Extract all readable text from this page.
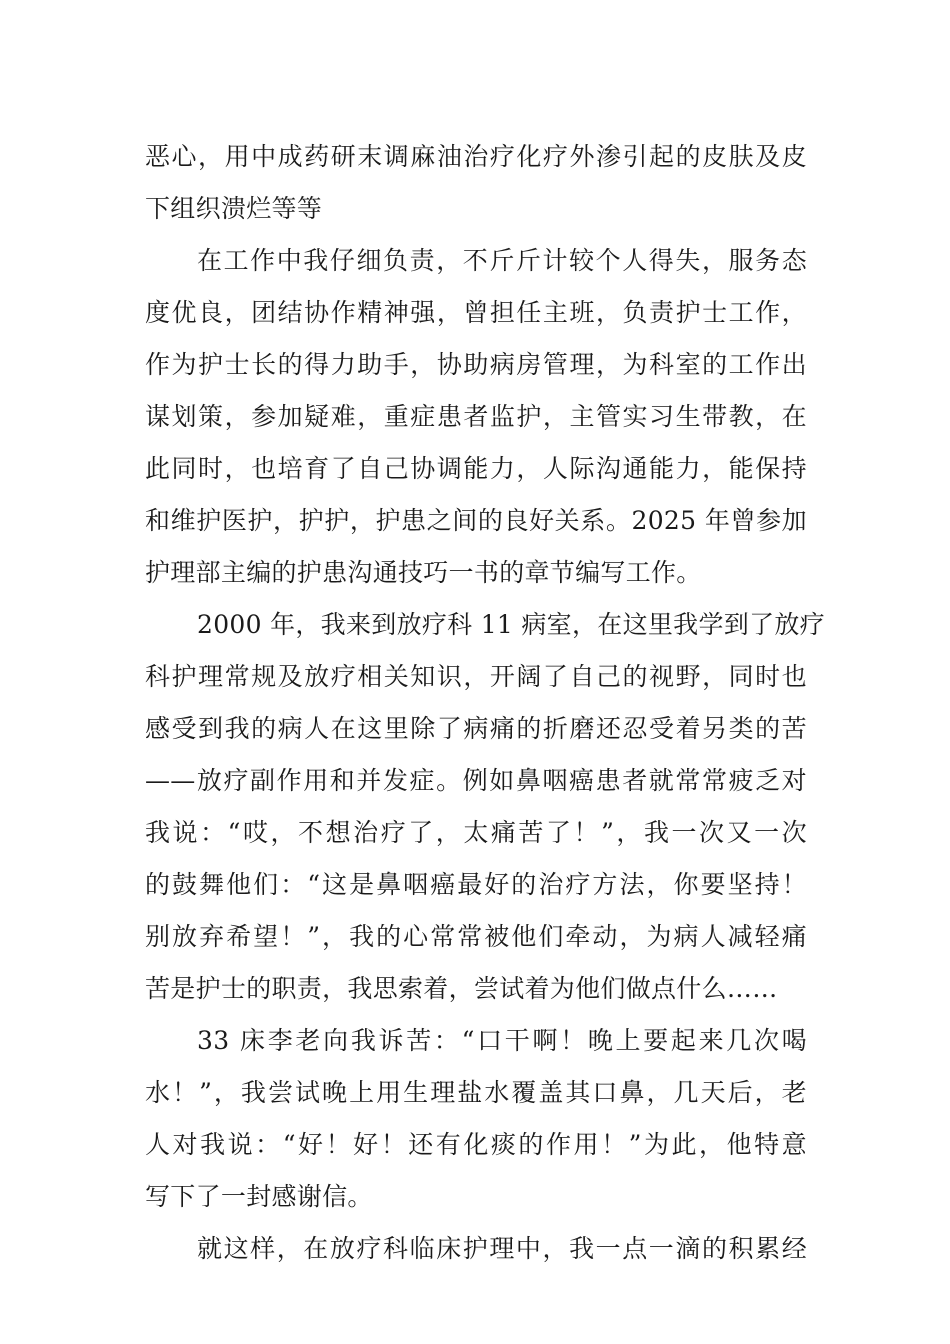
恶心，用中成药研末调麻油治疗化疗外渗引起的皮肤及皮
下组织溃烂等等
在工作中我仔细负责，不斤斤计较个人得失，服务态
度优良，团结协作精神强，曾担任主班，负责护士工作，
作为护士长的得力助手，协助病房管理，为科室的工作出
谋划策，参加疑难，重症患者监护，主管实习生带教，在
此同时，也培育了自己协调能力，人际沟通能力，能保持
和维护医护，护护，护患之间的良好关系。2025 年曾参加
护理部主编的护患沟通技巧一书的章节编写工作。
2000 年，我来到放疗科 11 病室，在这里我学到了放疗
科护理常规及放疗相关知识，开阔了自己的视野，同时也
感受到我的病人在这里除了病痛的折磨还忍受着另类的苦
——放疗副作用和并发症。例如鼻咽癌患者就常常疲乏对
我说：“哎，不想治疗了，太痛苦了！”，我一次又一次
的鼓舞他们：“这是鼻咽癌最好的治疗方法，你要坚持！
别放弃希望！”，我的心常常被他们牵动，为病人减轻痛
苦是护士的职责，我思索着，尝试着为他们做点什么……
33 床李老向我诉苦：“口干啊！晚上要起来几次喝
水！”，我尝试晚上用生理盐水覆盖其口鼻，几天后，老
人对我说：“好！好！还有化痰的作用！”为此，他特意
写下了一封感谢信。
就这样，在放疗科临床护理中，我一点一滴的积累经
